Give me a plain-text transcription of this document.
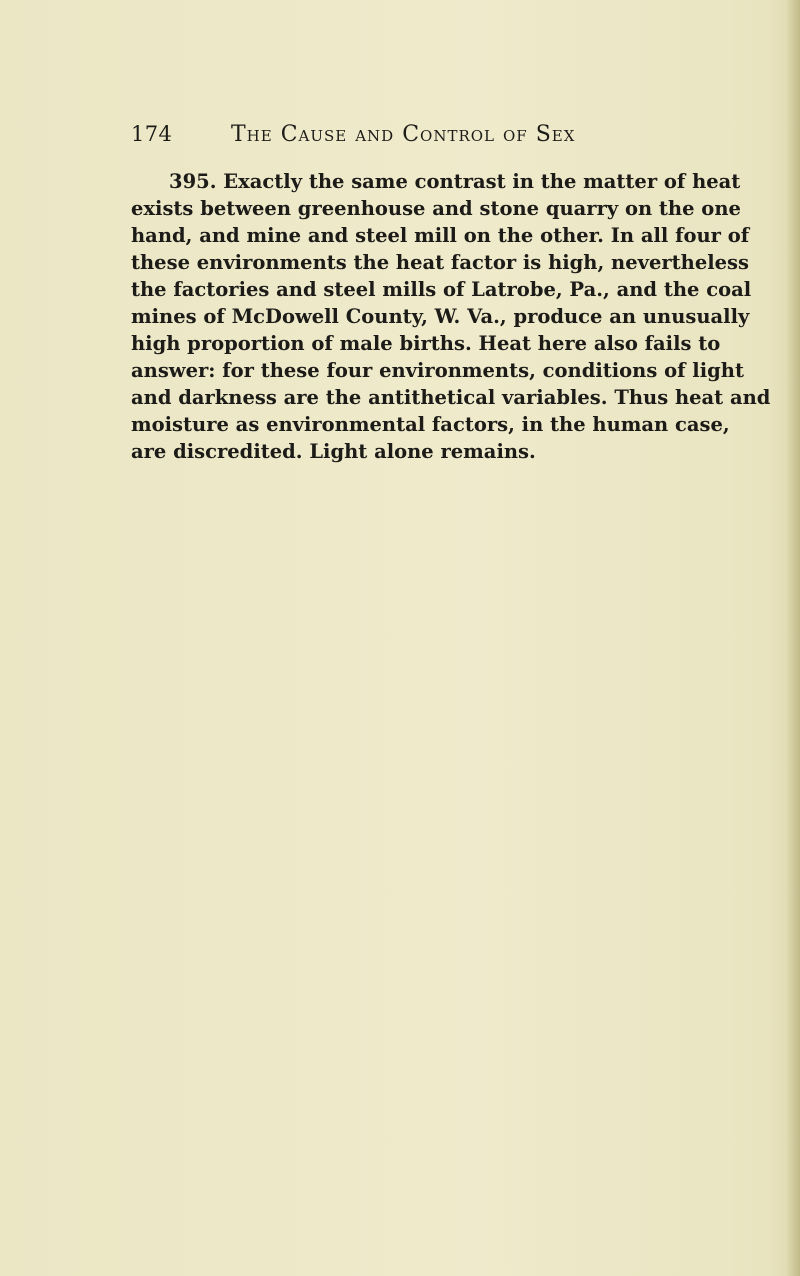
174	The Cause and Control of Sex
395. Exactly the same contrast in the matter of heat
exists between greenhouse and stone quarry on the one
hand, and mine and steel mill on the other. In all four of
these environments the heat factor is high, nevertheless
the factories and steel mills of Latrobe, Pa., and the coal
mines of McDowell County, W. Va., produce an unusually
high proportion of male births. Heat here also fails to
answer: for these four environments, conditions of light
and darkness are the antithetical variables. Thus heat and
moisture as environmental factors, in the human case,
are discredited. Light alone remains.
